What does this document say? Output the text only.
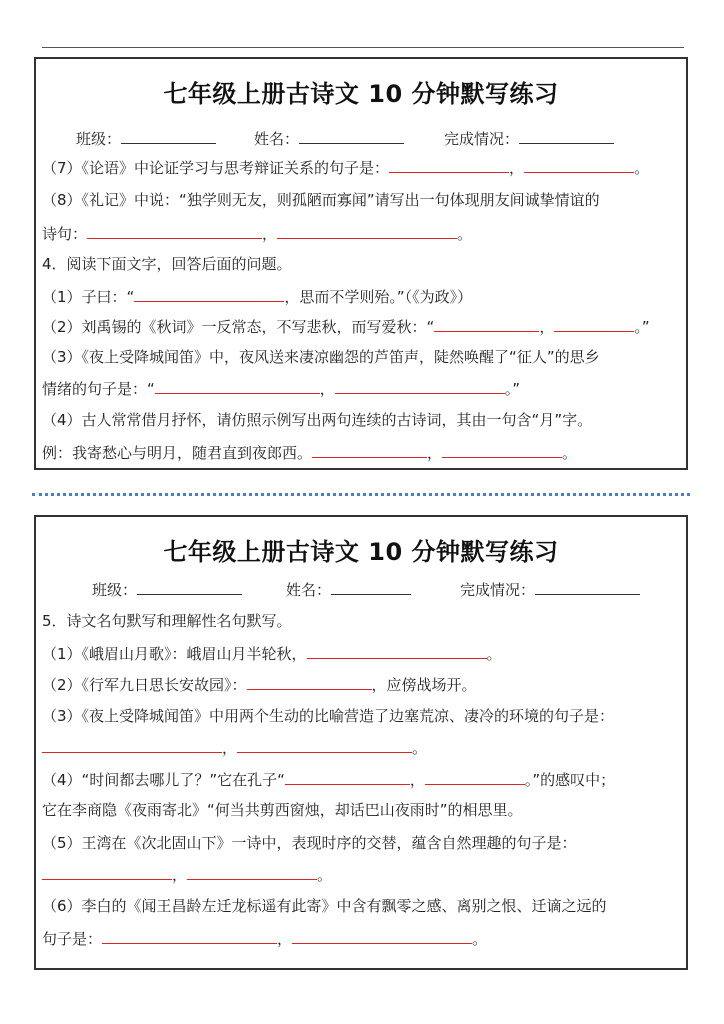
七年级上册古诗文 10 分钟默写练习
班级：	姓名：	完成情况：
（7）《论语》中论证学习与思考辩证关系的句子是：	，	。
（8）《礼记》中说：“独学则无友，则孤陋而寡闻”请写出一句体现朋友间诚挚情谊的
诗句：	，	。
4．阅读下面文字，回答后面的问题。
（1）子曰：“	，思而不学则殆。”（《为政》）
（2）刘禹锡的《秋词》一反常态，不写悲秋，而写爱秋：“	，	。”
（3）《夜上受降城闻笛》中，夜风送来凄凉幽怨的芦笛声，陡然唤醒了“征人”的思乡
情绪的句子是：“	，	。”
（4）古人常常借月抒怀，请仿照示例写出两句连续的古诗词，其由一句含“月”字。
例：我寄愁心与明月，随君直到夜郎西。	，	。
七年级上册古诗文 10 分钟默写练习
班级：	姓名：	完成情况：
5．诗文名句默写和理解性名句默写。
（1）《峨眉山月歌》：峨眉山月半轮秋，	。
（2）《行军九日思长安故园》：	，应傍战场开。
（3）《夜上受降城闻笛》中用两个生动的比喻营造了边塞荒凉、凄冷的环境的句子是：
，	。
（4）“时间都去哪儿了？”它在孔子“	，	。”的感叹中；
它在李商隐《夜雨寄北》“何当共剪西窗烛，却话巴山夜雨时”的相思里。
（5）王湾在《次北固山下》一诗中，表现时序的交替，蕴含自然理趣的句子是：
，	。
（6）李白的《闻王昌龄左迁龙标遥有此寄》中含有飘零之感、离别之恨、迁谪之远的
句子是：	，	。
